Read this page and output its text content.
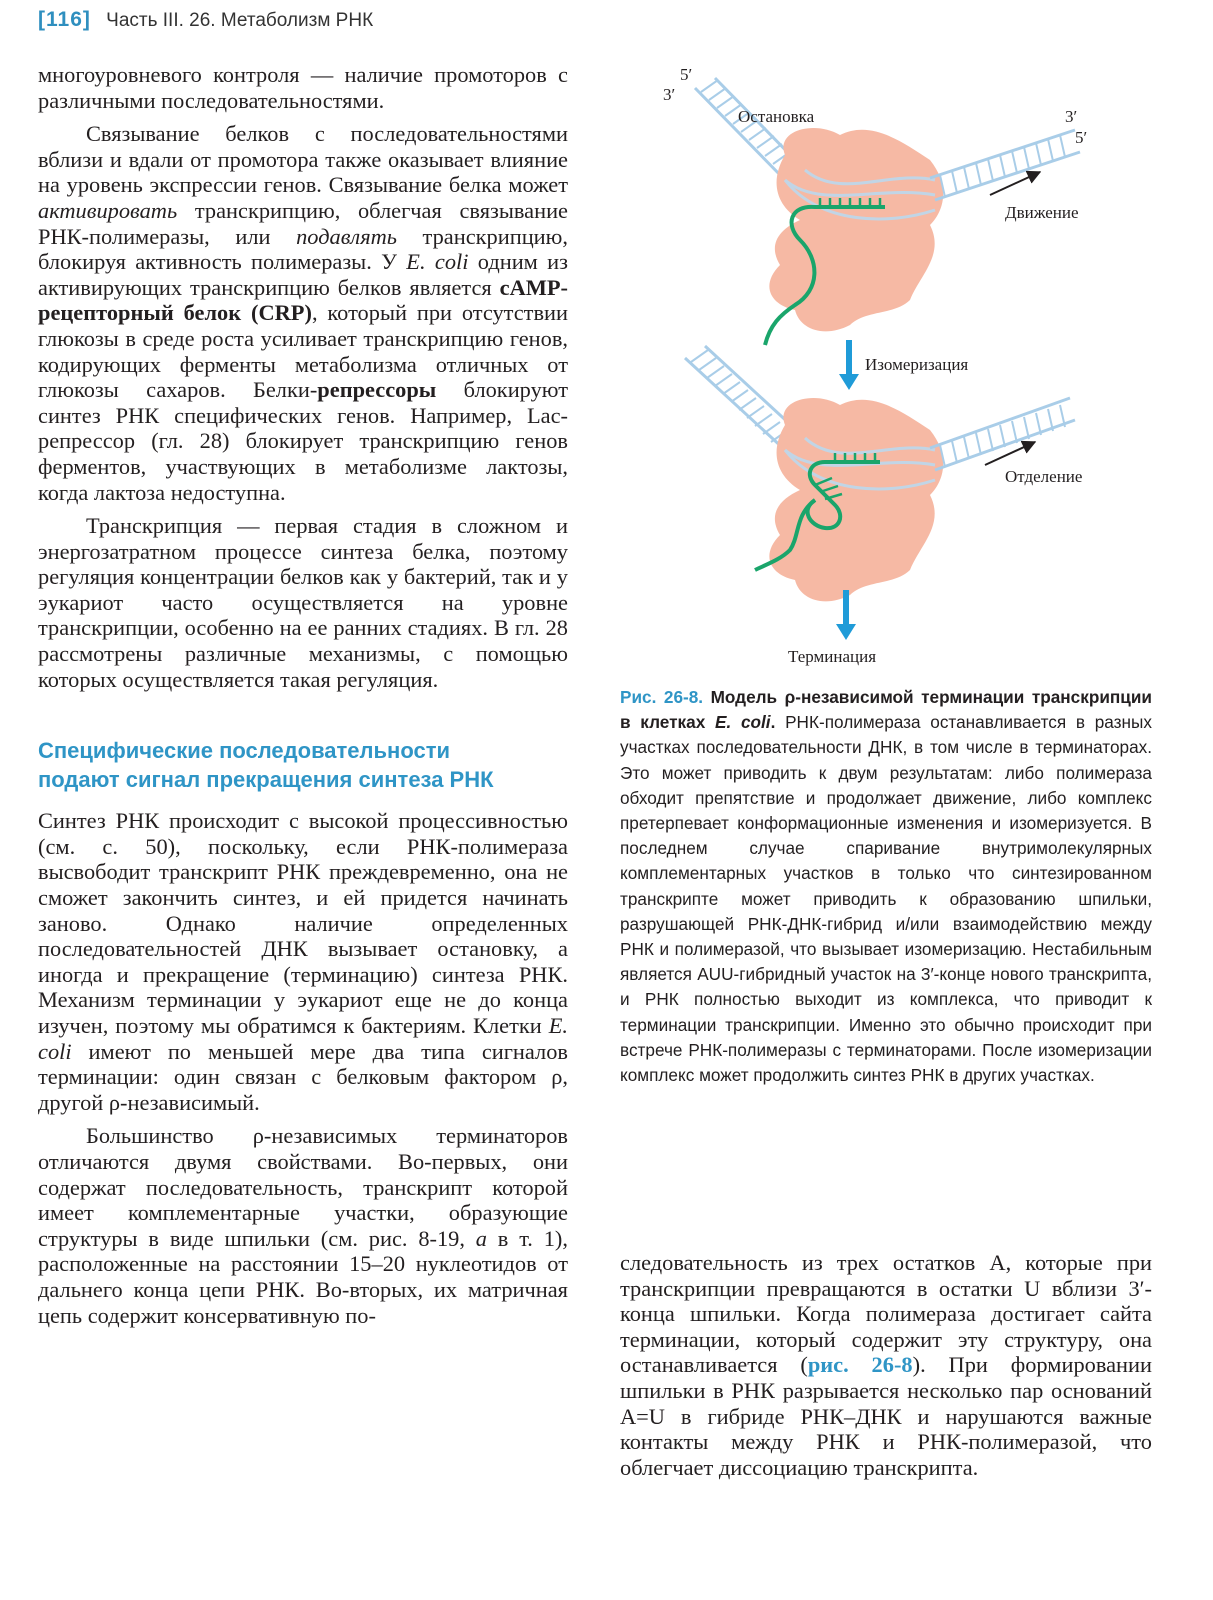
[116] Часть III. 26. Метаболизм РНК

многоуровневого контроля — наличие промоторов с различными последовательностями.

Связывание белков с последовательностями вблизи и вдали от промотора также оказывает влияние на уровень экспрессии генов. Связывание белка может активировать транскрипцию, облегчая связывание РНК-полимеразы, или подавлять транскрипцию, блокируя активность полимеразы. У E. coli одним из активирующих транскрипцию белков является сAMP-рецепторный белок (CRP), который при отсутствии глюкозы в среде роста усиливает транскрипцию генов, кодирующих ферменты метаболизма отличных от глюкозы сахаров. Белки-репрессоры блокируют синтез РНК специфических генов. Например, Lac-репрессор (гл. 28) блокирует транскрипцию генов ферментов, участвующих в метаболизме лактозы, когда лактоза недоступна.

Транскрипция — первая стадия в сложном и энергозатратном процессе синтеза белка, поэтому регуляция концентрации белков как у бактерий, так и у эукариот часто осуществляется на уровне транскрипции, особенно на ее ранних стадиях. В гл. 28 рассмотрены различные механизмы, с помощью которых осуществляется такая регуляция.

Специфические последовательности
подают сигнал прекращения синтеза РНК

Синтез РНК происходит с высокой процессивностью (см. с. 50), поскольку, если РНК-полимераза высвободит транскрипт РНК преждевременно, она не сможет закончить синтез, и ей придется начинать заново. Однако наличие определенных последовательностей ДНК вызывает остановку, а иногда и прекращение (терминацию) синтеза РНК. Механизм терминации у эукариот еще не до конца изучен, поэтому мы обратимся к бактериям. Клетки E. coli имеют по меньшей мере два типа сигналов терминации: один связан с белковым фактором ρ, другой ρ-независимый.

Большинство ρ-независимых терминаторов отличаются двумя свойствами. Во-первых, они содержат последовательность, транскрипт которой имеет комплементарные участки, образующие структуры в виде шпильки (см. рис. 8-19, а в т. 1), расположенные на расстоянии 15–20 нуклеотидов от дальнего конца цепи РНК. Во-вторых, их матричная цепь содержит консервативную по-

5′
3′
Остановка	3′
5′
Движение
Изомеризация
Отделение
Терминация
Рис. 26-8. Модель ρ-независимой терминации транскрипции в клетках E. coli. РНК-полимераза останавливается в разных участках последовательности ДНК, в том числе в терминаторах. Это может приводить к двум результатам: либо полимераза обходит препятствие и продолжает движение, либо комплекс претерпевает конформационные изменения и изомеризуется. В последнем случае спаривание внутримолекулярных комплементарных участков в только что синтезированном транскрипте может приводить к образованию шпильки, разрушающей РНК-ДНК-гибрид и/или взаимодействию между РНК и полимеразой, что вызывает изомеризацию. Нестабильным является AUU-гибридный участок на 3′-конце нового транскрипта, и РНК полностью выходит из комплекса, что приводит к терминации транскрипции. Именно это обычно происходит при встрече РНК-полимеразы с терминаторами. После изомеризации комплекс может продолжить синтез РНК в других участках.

следовательность из трех остатков А, которые при транскрипции превращаются в остатки U вблизи 3′-конца шпильки. Когда полимераза достигает сайта терминации, который содержит эту структуру, она останавливается (рис. 26-8). При формировании шпильки в РНК разрывается несколько пар оснований A=U в гибриде РНК–ДНК и нарушаются важные контакты между РНК и РНК-полимеразой, что облегчает диссоциацию транскрипта.
